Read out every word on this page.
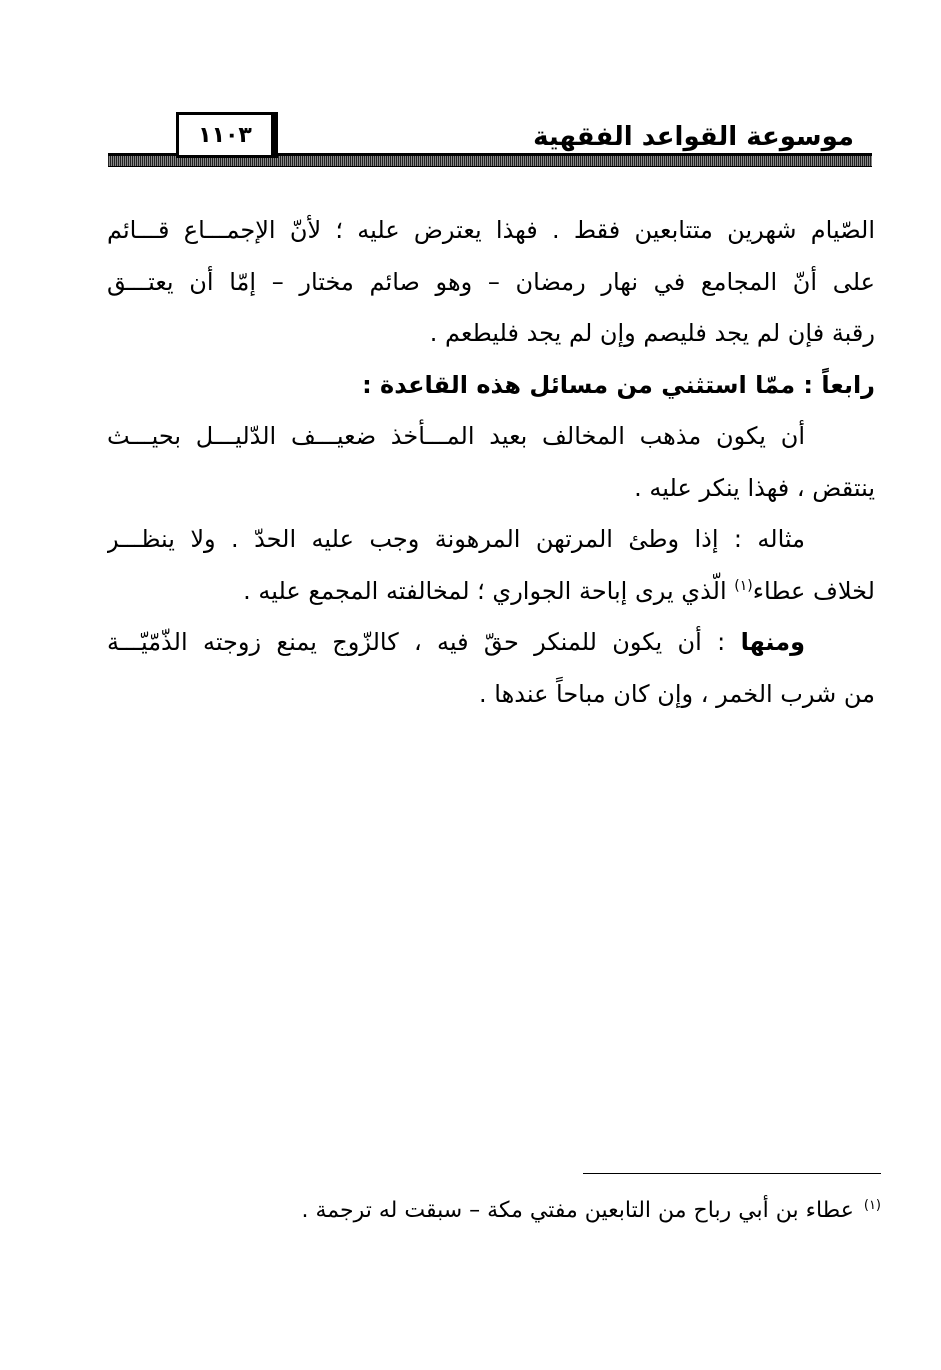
موسوعة القواعد الفقهية
١١٠٣
الصّيام شهرين متتابعين فقط . فهذا يعترض عليه ؛ لأنّ الإجمـــاع قـــائم
على أنّ المجامع في نهار رمضان – وهو صائم مختار – إمّا أن يعتـــق
رقبة فإن لم يجد فليصم وإن لم يجد فليطعم .
رابعاً : ممّا استثني من مسائل هذه القاعدة :
أن يكون مذهب المخالف بعيد المـــأخذ ضعيـــف الدّليـــل بحيـــث
ينتقض ، فهذا ينكر عليه .
مثاله : إذا وطئ المرتهن المرهونة وجب عليه الحدّ . ولا ينظـــر
لخلاف عطاء$^{(١)}$ الّذي يرى إباحة الجواري ؛ لمخالفته المجمع عليه .
ومنها : أن يكون للمنكر حقّ فيه ، كالزّوج يمنع زوجته الذّمّيّـــة
من شرب الخمر ، وإن كان مباحاً عندها .
$^{(١)}$عطاء بن أبي رباح من التابعين مفتي مكة – سبقت له ترجمة .
